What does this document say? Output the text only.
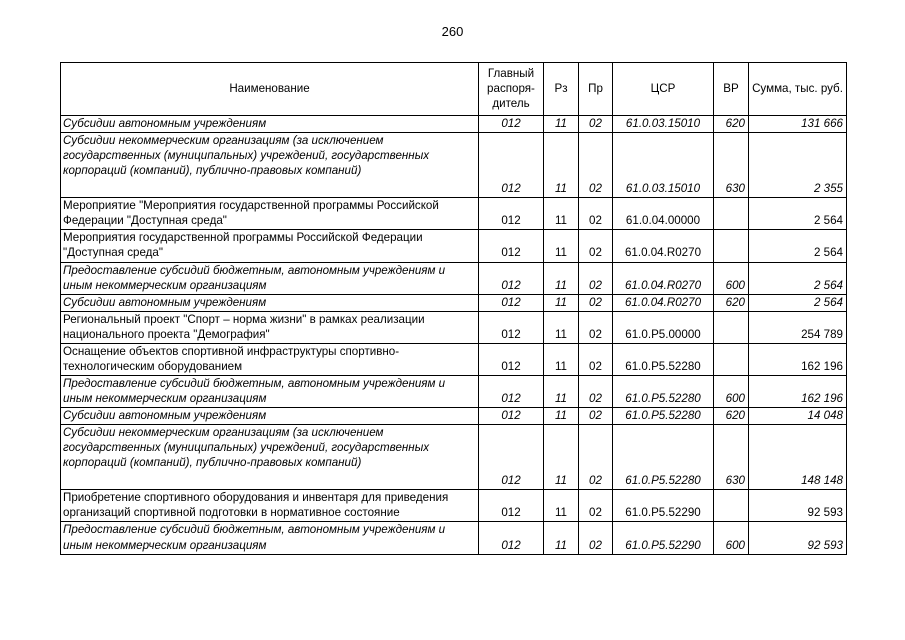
260
Наименование	Главный распоря-дитель	Рз	Пр	ЦСР	ВР	Сумма, тыс. руб.

Субсидии автономным учреждениям	012	11	02	61.0.03.15010	620	131 666

Субсидии некоммерческим организациям (за исключением государственных (муниципальных) учреждений, государственных корпораций (компаний), публично-правовых компаний)	012	11	02	61.0.03.15010	630	2 355

Мероприятие "Мероприятия государственной программы Российской Федерации "Доступная среда"	012	11	02	61.0.04.00000		2 564

Мероприятия государственной программы Российской Федерации "Доступная среда"	012	11	02	61.0.04.R0270		2 564

Предоставление субсидий бюджетным, автономным учреждениям и иным некоммерческим организациям	012	11	02	61.0.04.R0270	600	2 564

Субсидии автономным учреждениям	012	11	02	61.0.04.R0270	620	2 564

Региональный проект "Спорт – норма жизни" в рамках реализации национального проекта "Демография"	012	11	02	61.0.P5.00000		254 789

Оснащение объектов спортивной инфраструктуры спортивно-технологическим оборудованием	012	11	02	61.0.P5.52280		162 196

Предоставление субсидий бюджетным, автономным учреждениям и иным некоммерческим организациям	012	11	02	61.0.P5.52280	600	162 196

Субсидии автономным учреждениям	012	11	02	61.0.P5.52280	620	14 048

Субсидии некоммерческим организациям (за исключением государственных (муниципальных) учреждений, государственных корпораций (компаний), публично-правовых компаний)	012	11	02	61.0.P5.52280	630	148 148

Приобретение спортивного оборудования и инвентаря для приведения организаций спортивной подготовки в нормативное состояние	012	11	02	61.0.P5.52290		92 593

Предоставление субсидий бюджетным, автономным учреждениям и иным некоммерческим организациям	012	11	02	61.0.P5.52290	600	92 593
